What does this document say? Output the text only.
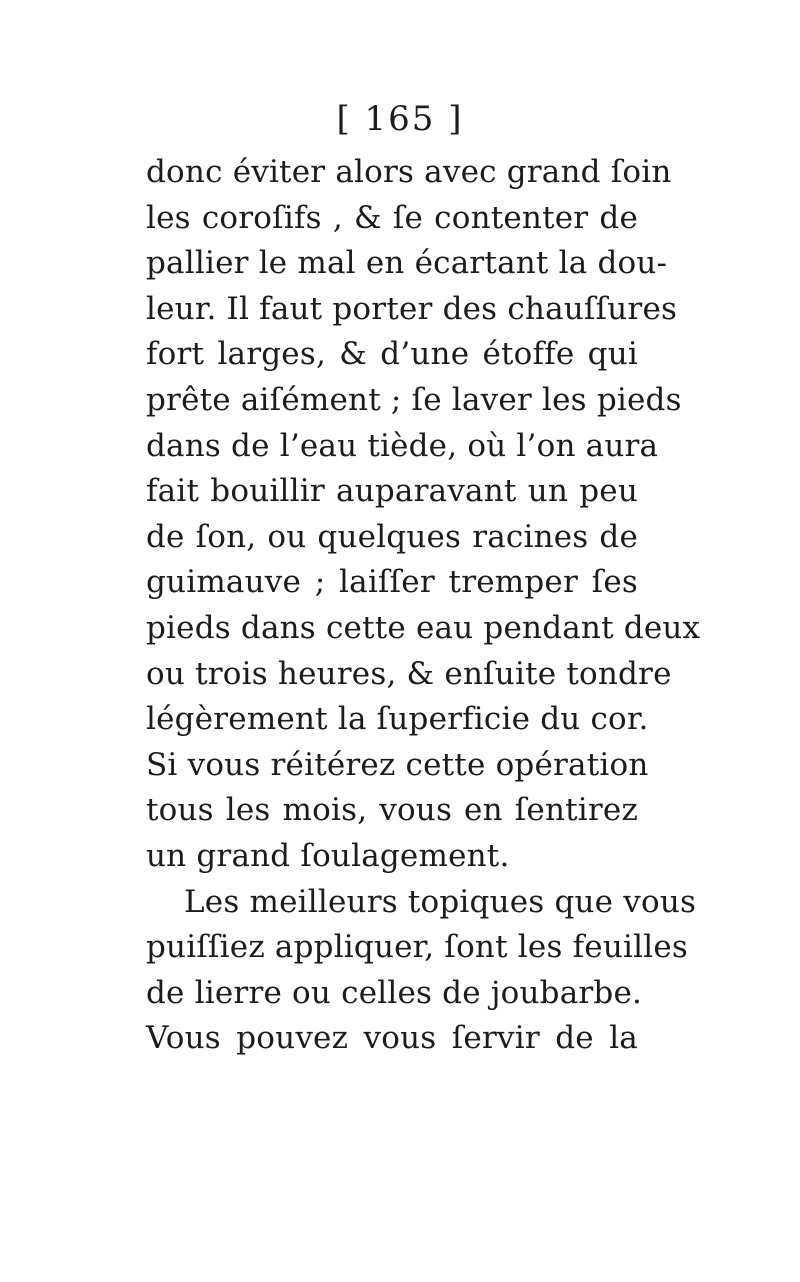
[ 165 ]
donc éviter alors avec grand ſoin
les coroſifs , & ſe contenter de
pallier le mal en écartant la dou-
leur. Il faut porter des chauſſures
fort larges, & d’une étoffe qui
prête aiſément ; ſe laver les pieds
dans de l’eau tiède, où l’on aura
fait bouillir auparavant un peu
de ſon, ou quelques racines de
guimauve ; laiſſer tremper ſes
pieds dans cette eau pendant deux
ou trois heures, & enſuite tondre
légèrement la ſuperficie du cor.
Si vous réitérez cette opération
tous les mois, vous en ſentirez
un grand ſoulagement.
Les meilleurs topiques que vous
puiſſiez appliquer, ſont les feuilles
de lierre ou celles de joubarbe.
Vous pouvez vous ſervir de la
